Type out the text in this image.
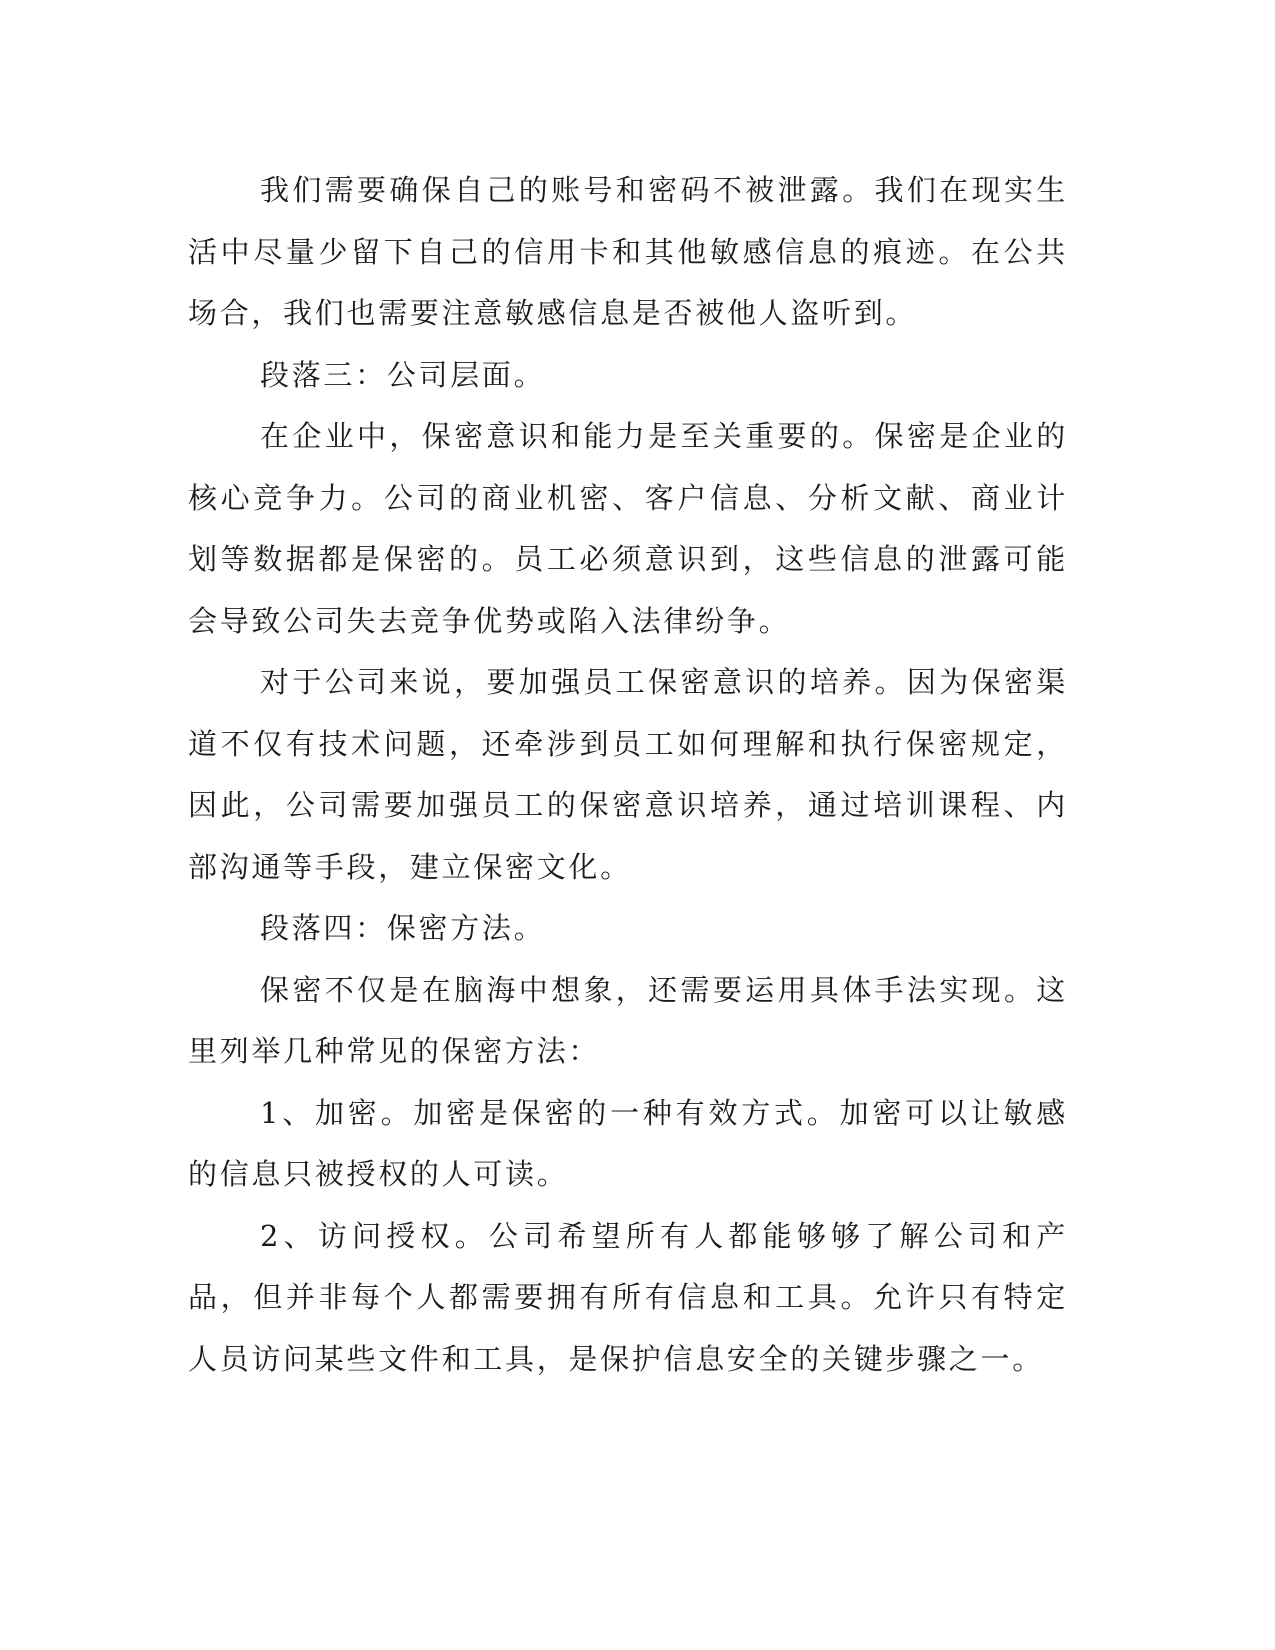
我们需要确保自己的账号和密码不被泄露。我们在现实生活中尽量少留下自己的信用卡和其他敏感信息的痕迹。在公共场合，我们也需要注意敏感信息是否被他人盗听到。

段落三：公司层面。

在企业中，保密意识和能力是至关重要的。保密是企业的核心竞争力。公司的商业机密、客户信息、分析文献、商业计划等数据都是保密的。员工必须意识到，这些信息的泄露可能会导致公司失去竞争优势或陷入法律纷争。

对于公司来说，要加强员工保密意识的培养。因为保密渠道不仅有技术问题，还牵涉到员工如何理解和执行保密规定，因此，公司需要加强员工的保密意识培养，通过培训课程、内部沟通等手段，建立保密文化。

段落四：保密方法。

保密不仅是在脑海中想象，还需要运用具体手法实现。这里列举几种常见的保密方法：

1、加密。加密是保密的一种有效方式。加密可以让敏感的信息只被授权的人可读。

2、访问授权。公司希望所有人都能够够了解公司和产品，但并非每个人都需要拥有所有信息和工具。允许只有特定人员访问某些文件和工具，是保护信息安全的关键步骤之一。
